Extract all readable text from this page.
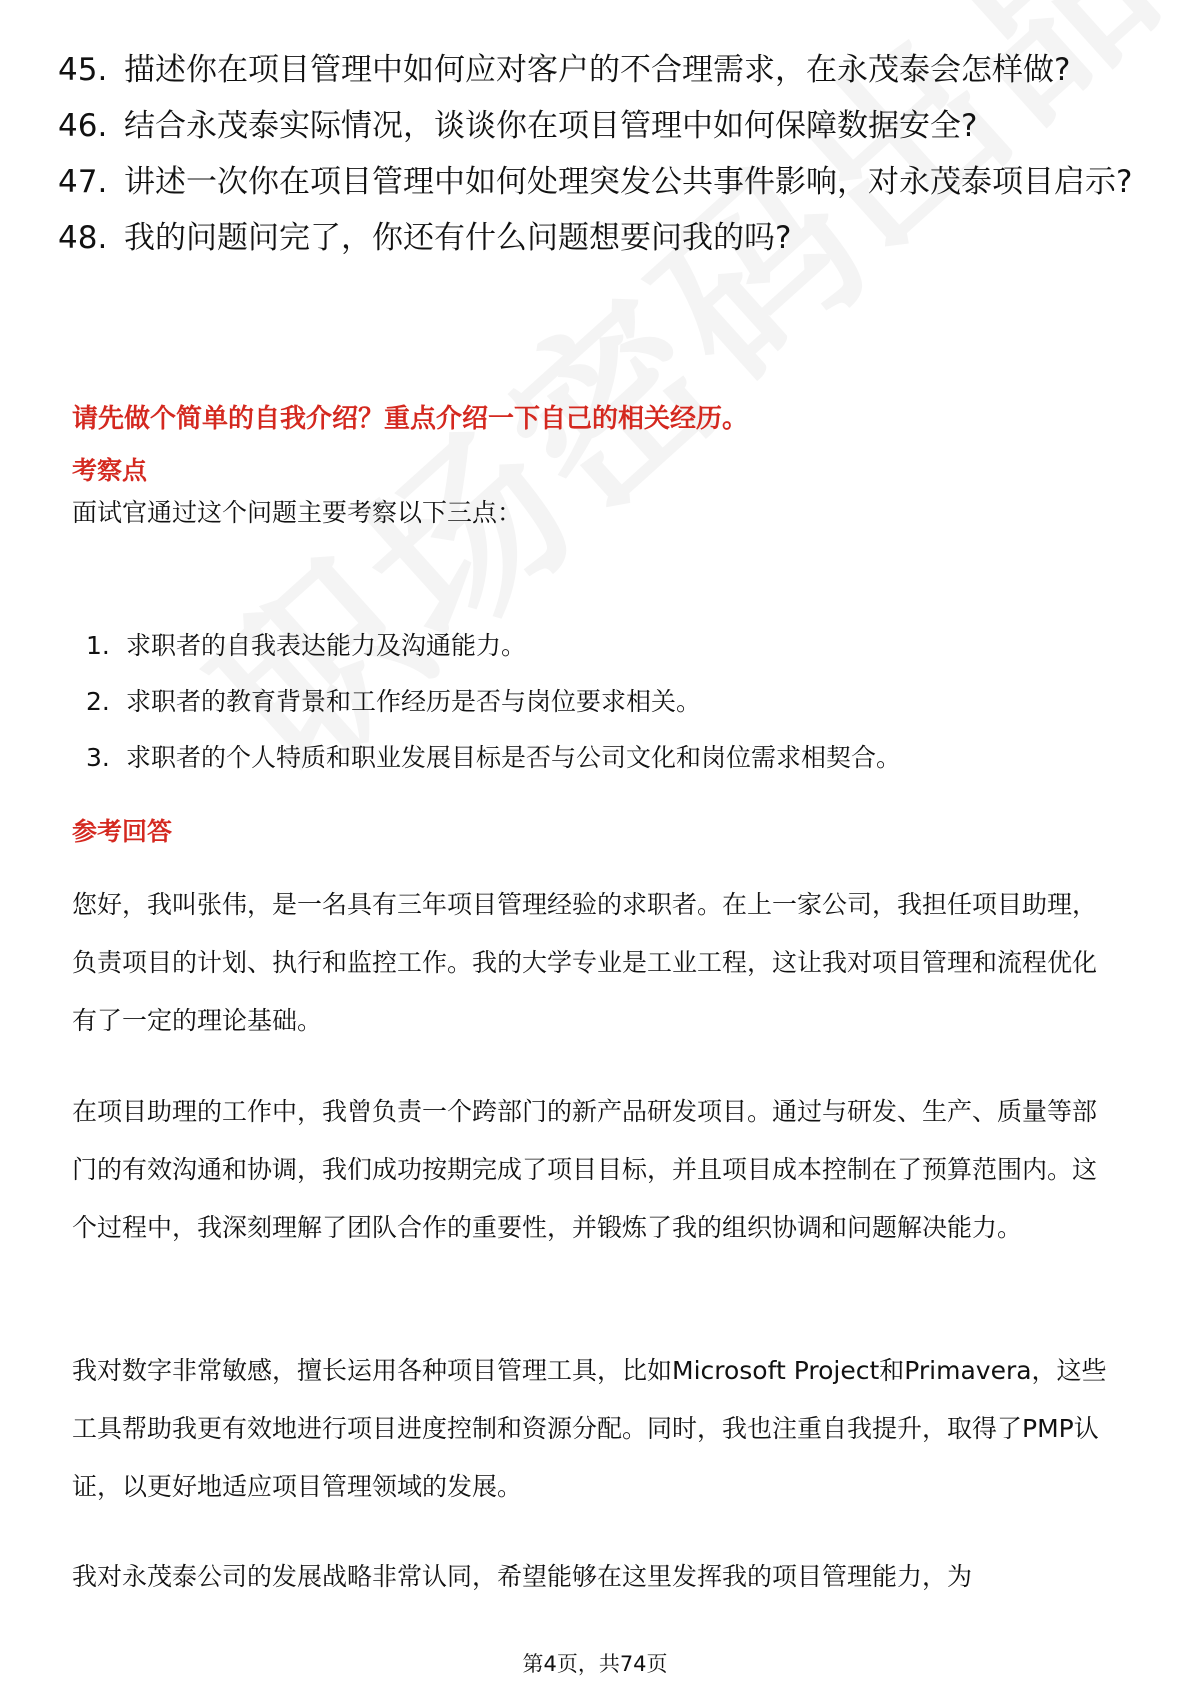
45. 描述你在项目管理中如何应对客户的不合理需求，在永茂泰会怎样做?
46. 结合永茂泰实际情况，谈谈你在项目管理中如何保障数据安全?
47. 讲述一次你在项目管理中如何处理突发公共事件影响，对永茂泰项目启示?
48. 我的问题问完了，你还有什么问题想要问我的吗?
请先做个简单的自我介绍？重点介绍一下自己的相关经历。
考察点
面试官通过这个问题主要考察以下三点：
1. 求职者的自我表达能力及沟通能力。
2. 求职者的教育背景和工作经历是否与岗位要求相关。
3. 求职者的个人特质和职业发展目标是否与公司文化和岗位需求相契合。
参考回答
您好，我叫张伟，是一名具有三年项目管理经验的求职者。在上一家公司，我担任项目助理，负责项目的计划、执行和监控工作。我的大学专业是工业工程，这让我对项目管理和流程优化有了一定的理论基础。
在项目助理的工作中，我曾负责一个跨部门的新产品研发项目。通过与研发、生产、质量等部门的有效沟通和协调，我们成功按期完成了项目目标，并且项目成本控制在了预算范围内。这个过程中，我深刻理解了团队合作的重要性，并锻炼了我的组织协调和问题解决能力。
我对数字非常敏感，擅长运用各种项目管理工具，比如Microsoft Project和Primavera，这些工具帮助我更有效地进行项目进度控制和资源分配。同时，我也注重自我提升，取得了PMP认证，以更好地适应项目管理领域的发展。
我对永茂泰公司的发展战略非常认同，希望能够在这里发挥我的项目管理能力，为
第4页，共74页
